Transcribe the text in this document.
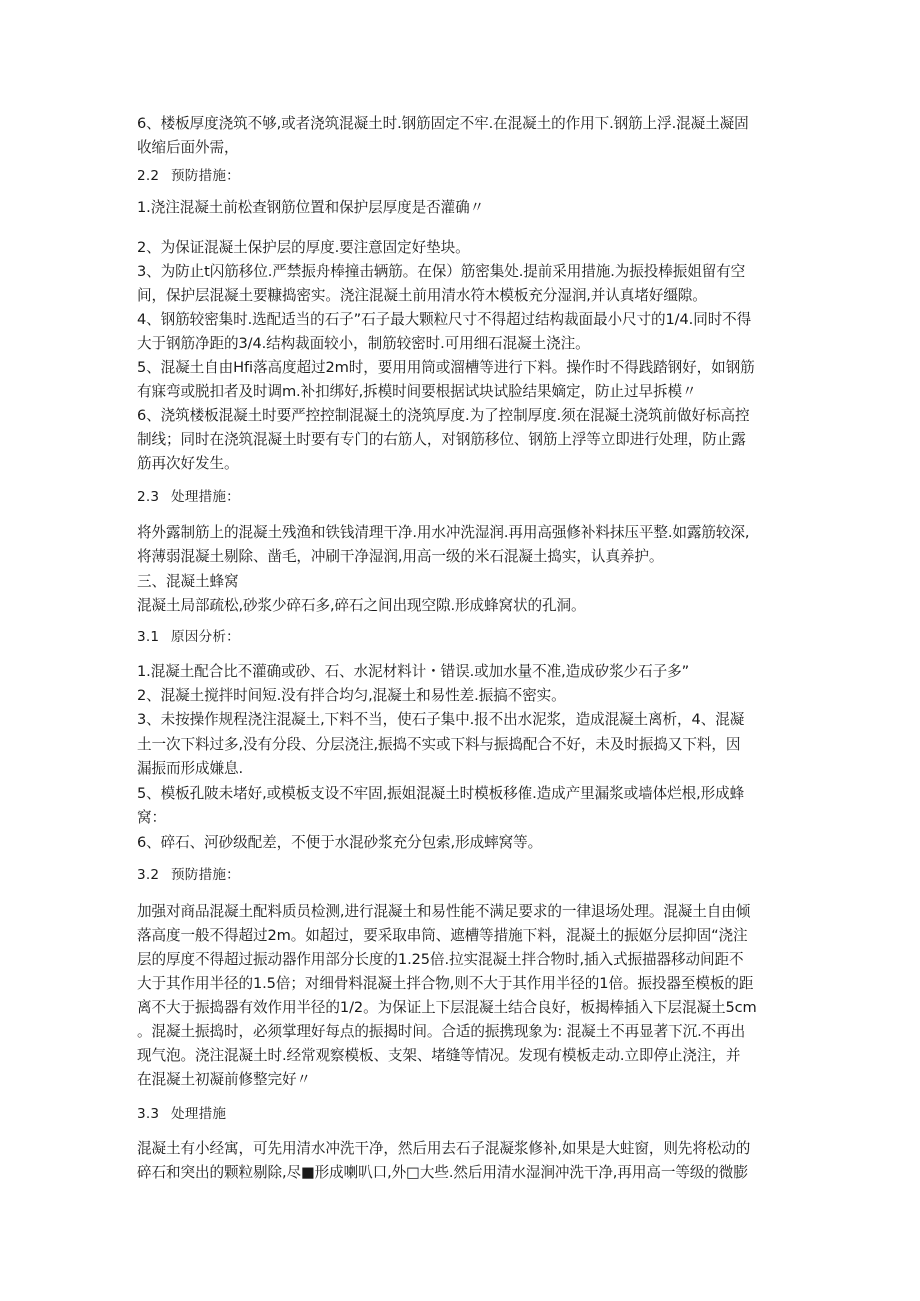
6、楼板厚度浇筑不够,或者浇筑混凝土时.钢筋固定不牢.在混凝土的作用下.钢筋上浮.混凝土凝固
收缩后面外需，
2.2 预防措施：
1.浇注混凝土前松查钢筋位置和保护层厚度是否灌确〃
2、为保证混凝土保护层的厚度.要注意固定好垫块。
3、为防止t闪筋移位.严禁振舟棒撞击辆筋。在保）筋密集处.提前采用措施.为振投棒振姐留有空
间，保护层混凝土要糠捣密实。浇注混凝土前用清水符木模板充分湿润,并认真堵好缰隙。
4、钢筋较密集时.选配适当的石子”石子最大颗粒尺寸不得超过结构裁面最小尺寸的1/4.同时不得
大于钢筋净距的3/4.结构裁面较小，制筋较密时.可用细石混凝土浇注。
5、混凝土自由Hfi落高度超过2m时，要用用筒或溜槽等进行下料。操作时不得践踏钢好，如钢筋
有寐弯或脱扣者及时调m.补扣绑好,拆模时间要根据试块试脸结果嫡定，防止过早拆模〃
6、浇筑楼板混凝土时要严控控制混凝土的浇筑厚度.为了控制厚度.须在混凝土浇筑前做好标高控
制线；同时在浇筑混凝土时要有专门的右筋人，对钢筋移位、钢筋上浮等立即进行处理，防止露
筋再次好发生。
2.3 处理措施：
将外露制筋上的混凝土残渔和铁钱清理干净.用水冲洗湿润.再用高强修补料抹压平整.如露筋较深,
将薄弱混凝土剔除、凿毛，冲刷干净湿润,用高一级的米石混凝土捣实，认真养护。
三、混凝土蜂窝
混凝土局部疏松,砂浆少碎石多,碎石之间出现空隙.形成蜂窝状的孔洞。
3.1 原因分析：
1.混凝土配合比不灌确或砂、石、水泥材料计・错误.或加水量不准,造成矽浆少石子多”
2、混凝土搅拌时间短.没有拌合均匀,混凝土和易性差.振搞不密实。
3、未按操作规程浇注混凝土,下料不当，使石子集中.报不出水泥浆，造成混凝土离析，4、混凝
土一次下料过多,没有分段、分层浇注,振捣不实或下料与振捣配合不好，未及时振捣又下料，因
漏振而形成嫌息.
5、模板孔陂未堵好,或模板支设不牢固,振姐混凝土时模板移傕.造成产里漏浆或墙体烂根,形成蜂
窝：
6、碎石、河砂级配差，不便于水混砂浆充分包索,形成蟀窝等。
3.2 预防措施：
加强对商品混凝土配料质员检测,进行混凝土和易性能不满足要求的一律退场处理。混凝土自由倾
落高度一般不得超过2m。如超过，要采取串筒、遮槽等措施下料，混凝土的振妪分层抑固“浇注
层的厚度不得超过振动器作用部分长度的1.25倍.拉实混凝土拌合物时,插入式振描器移动间距不
大于其作用半径的1.5倍；对细骨料混凝土拌合物,则不大于其作用半径的1倍。振投器至模板的距
离不大于振捣器有效作用半径的1/2。为保证上下层混凝土结合良好，板揭棒插入下层混凝土5cm
。混凝土振捣时，必须掌理好每点的振揭时间。合适的振携现象为: 混凝土不再显著下沉.不再出
现气泡。浇注混凝土时.经常观察模板、支架、堵缝等情况。发现有模板走动.立即停止浇注，并
在混凝土初凝前修整完好〃
3.3 处理措施
混凝土有小经寓，可先用清水冲洗干净，然后用去石子混凝浆修补,如果是大蛀窗，则先将松动的
碎石和突出的颗粒剔除,尽■形成喇叭口,外□大些.然后用清水湿涧冲洗干净,再用高一等级的微膨
